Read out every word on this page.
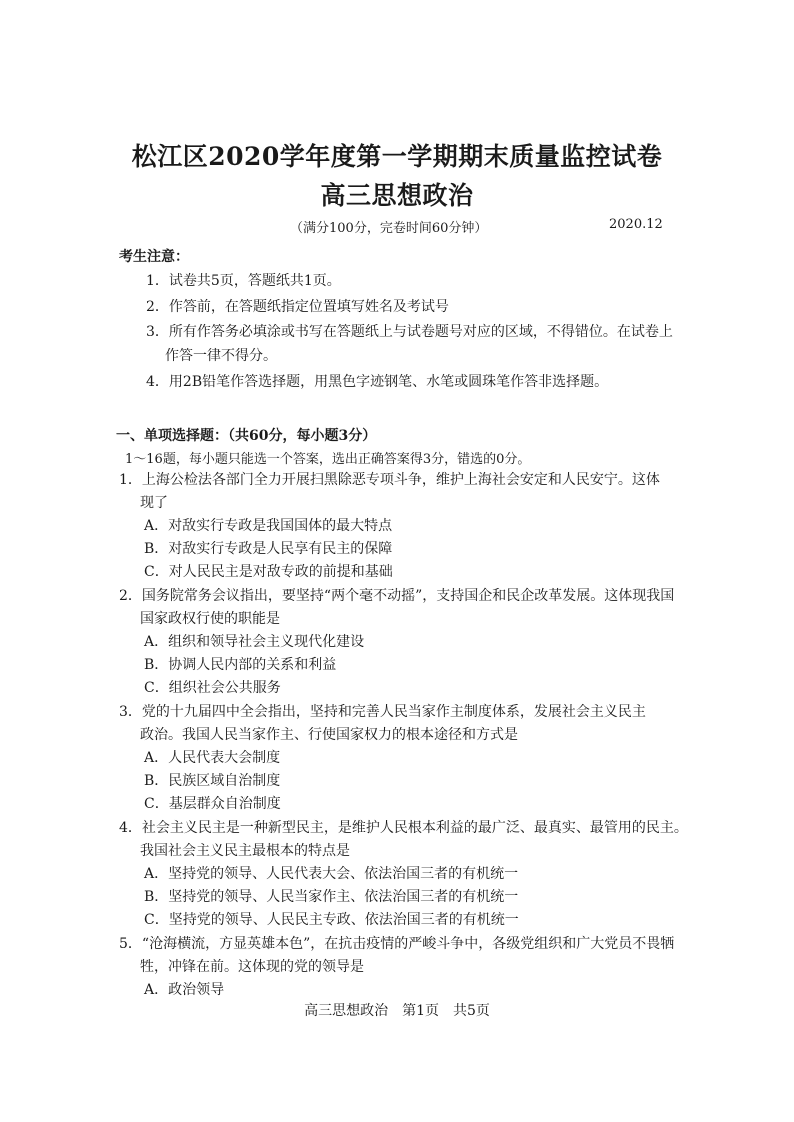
松江区2020学年度第一学期期末质量监控试卷
高三思想政治
（满分100分，完卷时间60分钟）	2020.12
考生注意：
1．试卷共5页，答题纸共1页。
2．作答前，在答题纸指定位置填写姓名及考试号
3．所有作答务必填涂或书写在答题纸上与试卷题号对应的区域，不得错位。在试卷上
作答一律不得分。
4．用2B铅笔作答选择题，用黑色字迹钢笔、水笔或圆珠笔作答非选择题。
一、单项选择题：（共60分，每小题3分）
1～16题，每小题只能选一个答案，选出正确答案得3分，错选的0分。
1．上海公检法各部门全力开展扫黑除恶专项斗争，维护上海社会安定和人民安宁。这体
现了
A．对敌实行专政是我国国体的最大特点
B．对敌实行专政是人民享有民主的保障
C．对人民民主是对敌专政的前提和基础
2．国务院常务会议指出，要坚持“两个毫不动摇”，支持国企和民企改革发展。这体现我国
国家政权行使的职能是
A．组织和领导社会主义现代化建设
B．协调人民内部的关系和利益
C．组织社会公共服务
3．党的十九届四中全会指出，坚持和完善人民当家作主制度体系，发展社会主义民主
政治。我国人民当家作主、行使国家权力的根本途径和方式是
A．人民代表大会制度
B．民族区域自治制度
C．基层群众自治制度
4．社会主义民主是一种新型民主，是维护人民根本利益的最广泛、最真实、最管用的民主。
我国社会主义民主最根本的特点是
A．坚持党的领导、人民代表大会、依法治国三者的有机统一
B．坚持党的领导、人民当家作主、依法治国三者的有机统一
C．坚持党的领导、人民民主专政、依法治国三者的有机统一
5．“沧海横流，方显英雄本色”，在抗击疫情的严峻斗争中，各级党组织和广大党员不畏牺
牲，冲锋在前。这体现的党的领导是
A．政治领导
高三思想政治　第1页　共5页
